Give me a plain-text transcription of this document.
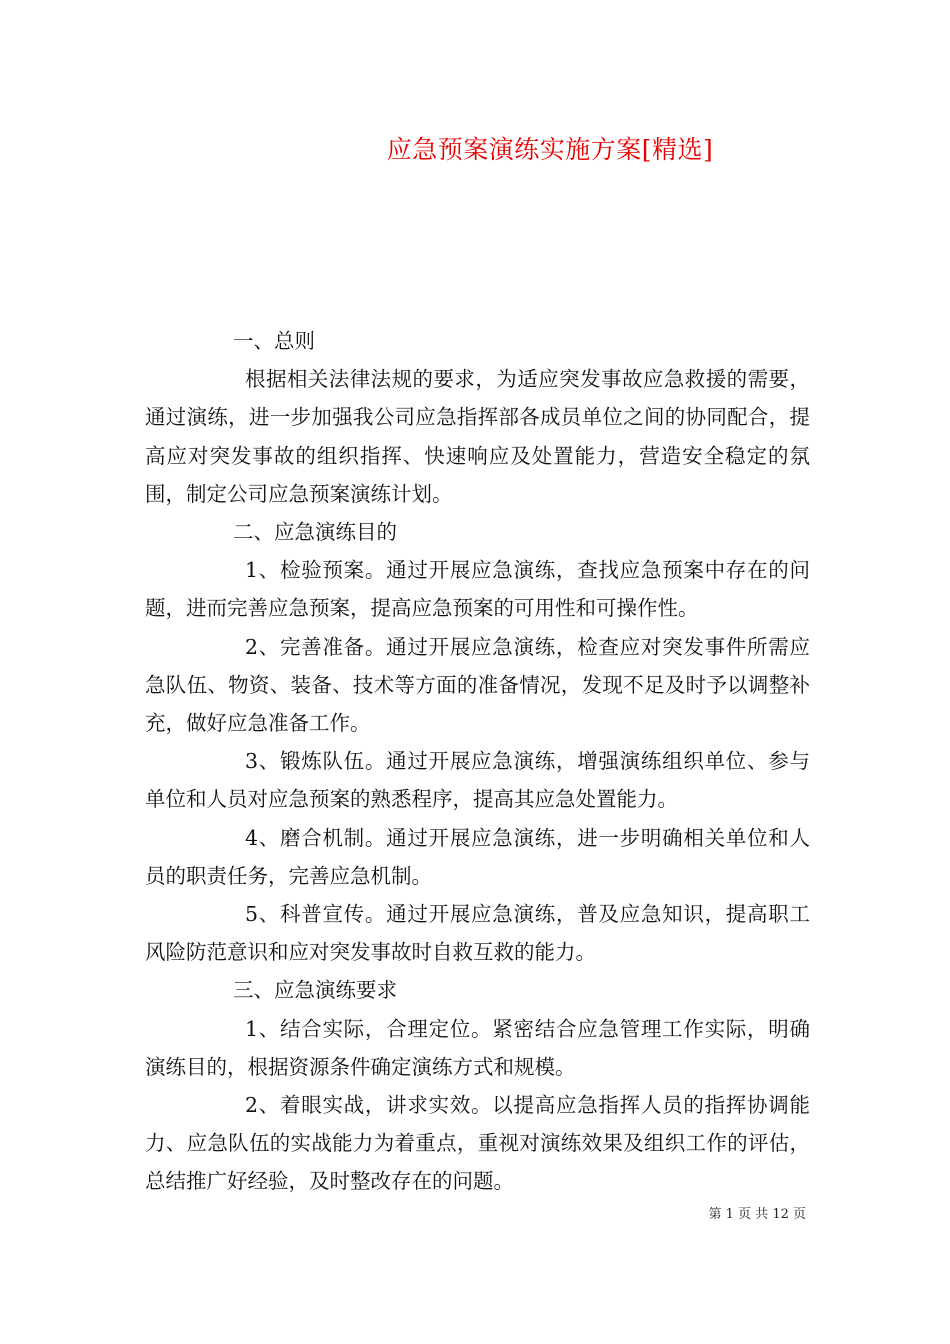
应急预案演练实施方案[精选]

一、总则

根据相关法律法规的要求，为适应突发事故应急救援的需要，通过演练，进一步加强我公司应急指挥部各成员单位之间的协同配合，提高应对突发事故的组织指挥、快速响应及处置能力，营造安全稳定的氛围，制定公司应急预案演练计划。

二、应急演练目的

1、检验预案。通过开展应急演练，查找应急预案中存在的问题，进而完善应急预案，提高应急预案的可用性和可操作性。

2、完善准备。通过开展应急演练，检查应对突发事件所需应急队伍、物资、装备、技术等方面的准备情况，发现不足及时予以调整补充，做好应急准备工作。

3、锻炼队伍。通过开展应急演练，增强演练组织单位、参与单位和人员对应急预案的熟悉程序，提高其应急处置能力。

4、磨合机制。通过开展应急演练，进一步明确相关单位和人员的职责任务，完善应急机制。

5、科普宣传。通过开展应急演练，普及应急知识，提高职工风险防范意识和应对突发事故时自救互救的能力。

三、应急演练要求

1、结合实际，合理定位。紧密结合应急管理工作实际，明确演练目的，根据资源条件确定演练方式和规模。

2、着眼实战，讲求实效。以提高应急指挥人员的指挥协调能力、应急队伍的实战能力为着重点，重视对演练效果及组织工作的评估，总结推广好经验，及时整改存在的问题。

第 1 页 共 12 页
